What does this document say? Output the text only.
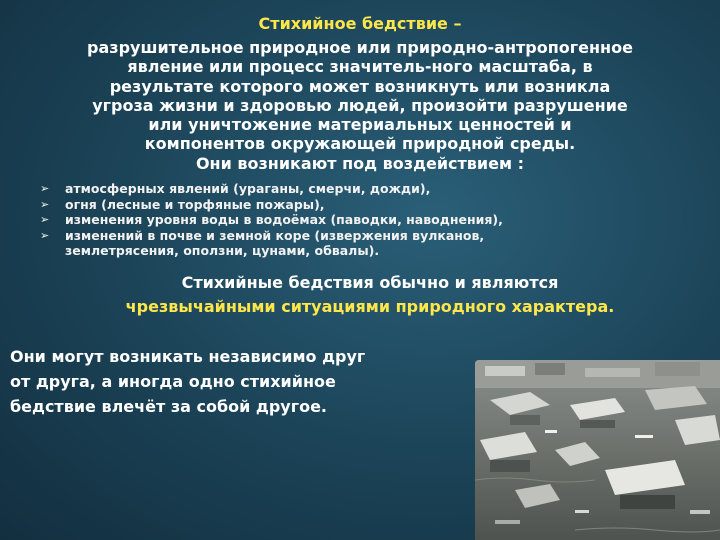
Стихийное бедствие –
разрушительное природное или природно-антропогенное
явление или процесс значитель-ного масштаба, в
результате которого может возникнуть или возникла
угроза жизни и здоровью людей, произойти разрушение
или уничтожение материальных ценностей и
компонентов окружающей природной среды.
Они возникают под воздействием :
➢ атмосферных явлений (ураганы, смерчи, дожди),
➢ огня (лесные и торфяные пожары),
➢ изменения уровня воды в водоёмах (паводки, наводнения),
➢ изменений в почве и земной коре (извержения вулканов,
землетрясения, оползни, цунами, обвалы).
Стихийные бедствия обычно и являются
чрезвычайными ситуациями природного характера.
Они могут возникать независимо друг
от друга, а иногда одно стихийное
бедствие влечёт за собой другое.
